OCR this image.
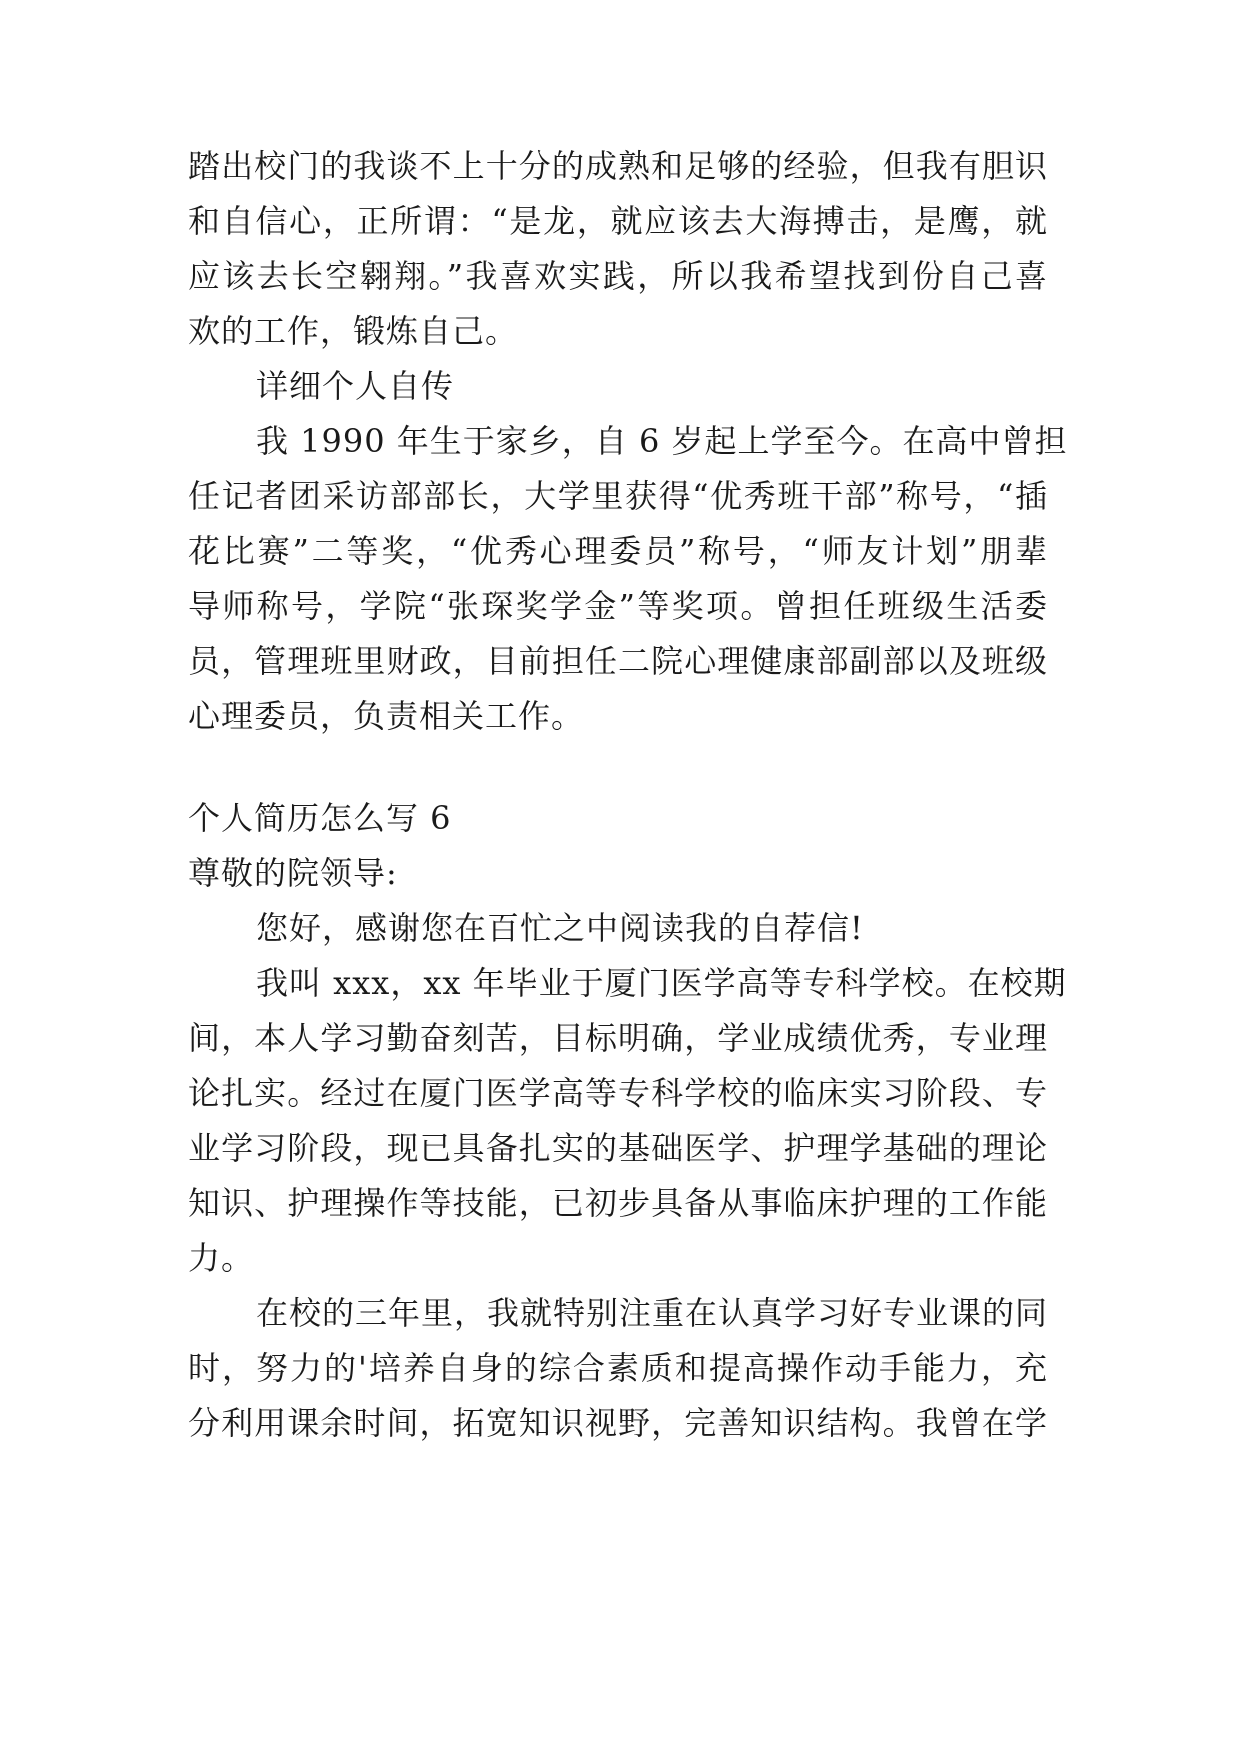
踏出校门的我谈不上十分的成熟和足够的经验，但我有胆识
和自信心，正所谓：“是龙，就应该去大海搏击，是鹰，就
应该去长空翱翔。”我喜欢实践，所以我希望找到份自己喜
欢的工作，锻炼自己。
详细个人自传
我 1990 年生于家乡，自 6 岁起上学至今。在高中曾担
任记者团采访部部长，大学里获得“优秀班干部”称号，“插
花比赛”二等奖，“优秀心理委员”称号，“师友计划”朋辈
导师称号，学院“张琛奖学金”等奖项。曾担任班级生活委
员，管理班里财政，目前担任二院心理健康部副部以及班级
心理委员，负责相关工作。
个人简历怎么写 6
尊敬的院领导:
您好，感谢您在百忙之中阅读我的自荐信!
我叫 xxx，xx 年毕业于厦门医学高等专科学校。在校期
间，本人学习勤奋刻苦，目标明确，学业成绩优秀，专业理
论扎实。经过在厦门医学高等专科学校的临床实习阶段、专
业学习阶段，现已具备扎实的基础医学、护理学基础的理论
知识、护理操作等技能，已初步具备从事临床护理的工作能
力。
在校的三年里，我就特别注重在认真学习好专业课的同
时，努力的'培养自身的综合素质和提高操作动手能力，充
分利用课余时间，拓宽知识视野，完善知识结构。我曾在学
